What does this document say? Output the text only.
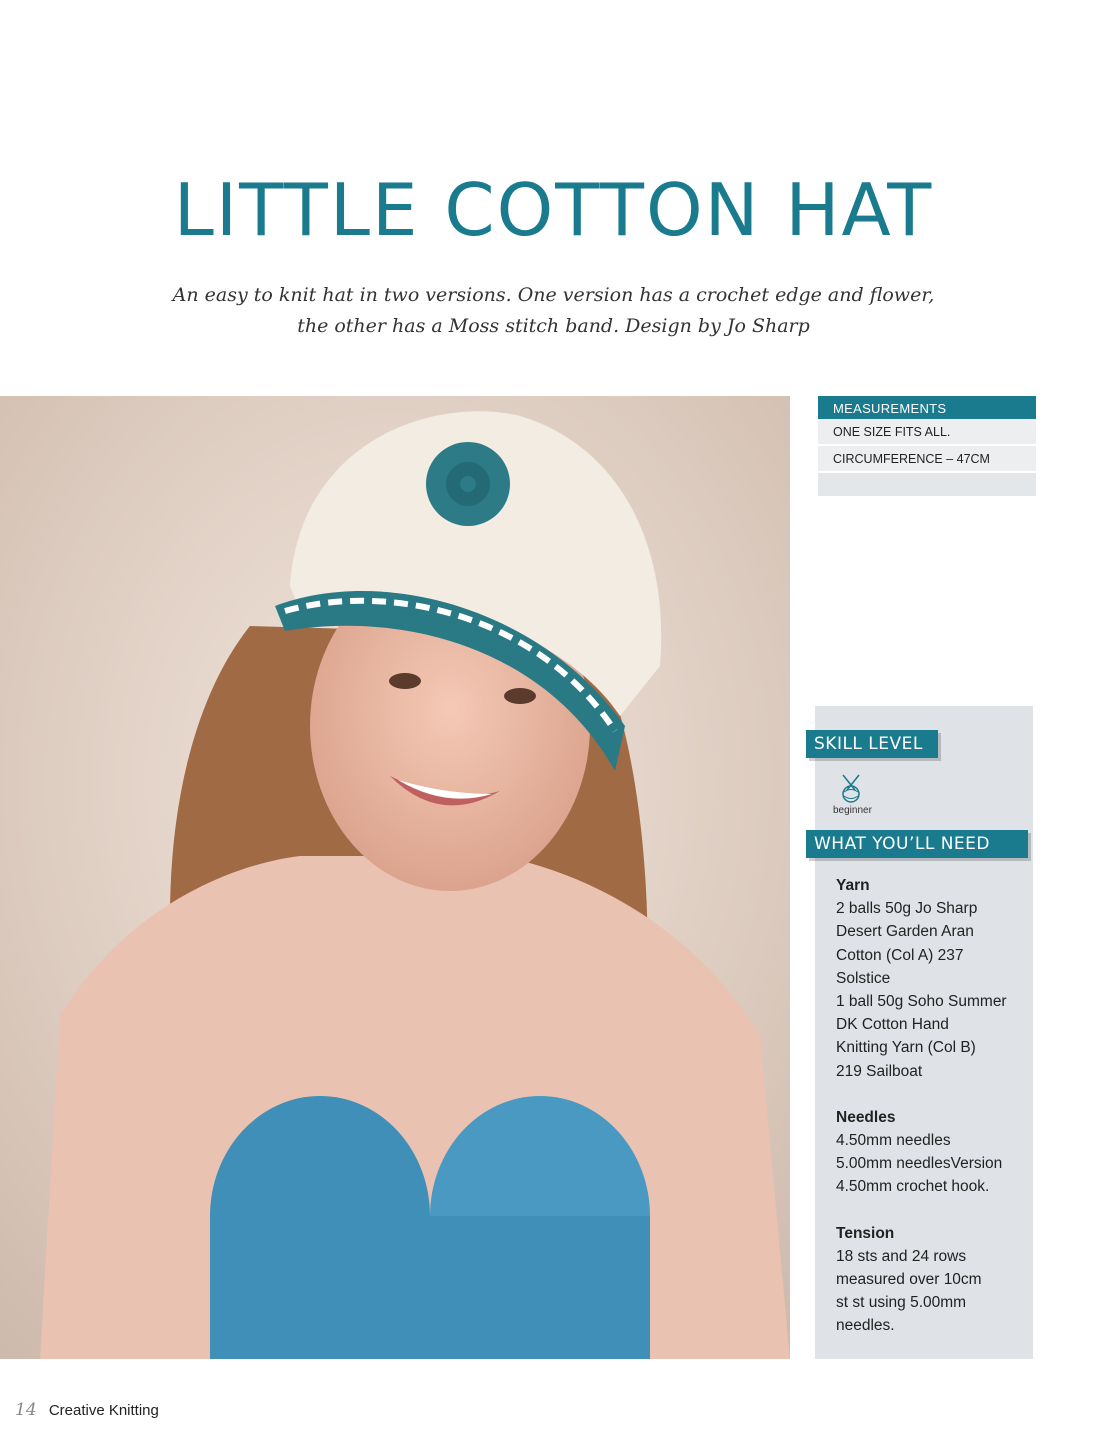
LITTLE COTTON HAT
An easy to knit hat in two versions. One version has a crochet edge and flower,
the other has a Moss stitch band. Design by Jo Sharp
MEASUREMENTS
ONE SIZE FITS ALL.
CIRCUMFERENCE – 47CM
SKILL LEVEL
beginner
WHAT YOU’LL NEED
Yarn
2 balls 50g Jo Sharp
Desert Garden Aran
Cotton (Col A) 237
Solstice
1 ball 50g Soho Summer
DK Cotton Hand
Knitting Yarn (Col B)
219 Sailboat
Needles
4.50mm needles
5.00mm needlesVersion
4.50mm crochet hook.
Tension
18 sts and 24 rows
measured over 10cm
st st using 5.00mm
needles.
14 Creative Knitting
